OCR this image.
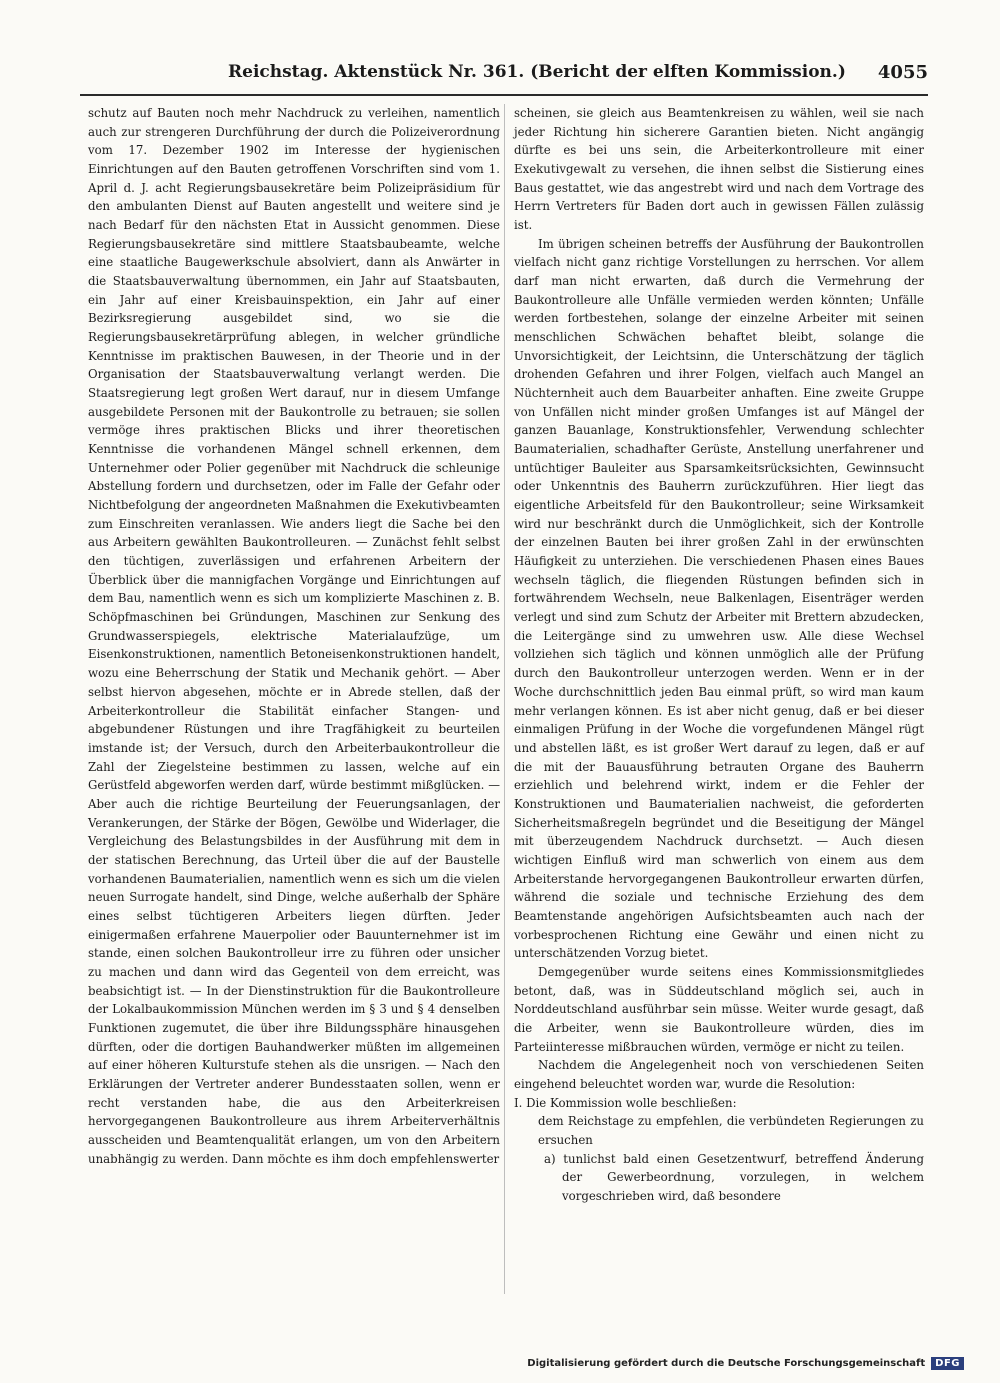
Reichstag. Aktenstück Nr. 361. (Bericht der elften Kommission.) 4055

schutz auf Bauten noch mehr Nachdruck zu verleihen, namentlich auch zur strengeren Durchführung der durch die Polizeiverordnung vom 17. Dezember 1902 im Interesse der hygienischen Einrichtungen auf den Bauten getroffenen Vorschriften sind vom 1. April d. J. acht Regierungsbausekretäre beim Polizeipräsidium für den ambulanten Dienst auf Bauten angestellt und weitere sind je nach Bedarf für den nächsten Etat in Aussicht genommen. Diese Regierungsbausekretäre sind mittlere Staatsbaubeamte, welche eine staatliche Baugewerkschule absolviert, dann als Anwärter in die Staatsbauverwaltung übernommen, ein Jahr auf Staatsbauten, ein Jahr auf einer Kreisbauinspektion, ein Jahr auf einer Bezirksregierung ausgebildet sind, wo sie die Regierungsbausekretärprüfung ablegen, in welcher gründliche Kenntnisse im praktischen Bauwesen, in der Theorie und in der Organisation der Staatsbauverwaltung verlangt werden. Die Staatsregierung legt großen Wert darauf, nur in diesem Umfange ausgebildete Personen mit der Baukontrolle zu betrauen; sie sollen vermöge ihres praktischen Blicks und ihrer theoretischen Kenntnisse die vorhandenen Mängel schnell erkennen, dem Unternehmer oder Polier gegenüber mit Nachdruck die schleunige Abstellung fordern und durchsetzen, oder im Falle der Gefahr oder Nichtbefolgung der angeordneten Maßnahmen die Exekutivbeamten zum Einschreiten veranlassen. Wie anders liegt die Sache bei den aus Arbeitern gewählten Baukontrolleuren. — Zunächst fehlt selbst den tüchtigen, zuverlässigen und erfahrenen Arbeitern der Überblick über die mannigfachen Vorgänge und Einrichtungen auf dem Bau, namentlich wenn es sich um komplizierte Maschinen z. B. Schöpfmaschinen bei Gründungen, Maschinen zur Senkung des Grundwasserspiegels, elektrische Materialaufzüge, um Eisenkonstruktionen, namentlich Betoneisenkonstruktionen handelt, wozu eine Beherrschung der Statik und Mechanik gehört. — Aber selbst hiervon abgesehen, möchte er in Abrede stellen, daß der Arbeiterkontrolleur die Stabilität einfacher Stangen- und abgebundener Rüstungen und ihre Tragfähigkeit zu beurteilen imstande ist; der Versuch, durch den Arbeiterbaukontrolleur die Zahl der Ziegelsteine bestimmen zu lassen, welche auf ein Gerüstfeld abgeworfen werden darf, würde bestimmt mißglücken. — Aber auch die richtige Beurteilung der Feuerungsanlagen, der Verankerungen, der Stärke der Bögen, Gewölbe und Widerlager, die Vergleichung des Belastungsbildes in der Ausführung mit dem in der statischen Berechnung, das Urteil über die auf der Baustelle vorhandenen Baumaterialien, namentlich wenn es sich um die vielen neuen Surrogate handelt, sind Dinge, welche außerhalb der Sphäre eines selbst tüchtigeren Arbeiters liegen dürften. Jeder einigermaßen erfahrene Mauerpolier oder Bauunternehmer ist im stande, einen solchen Baukontrolleur irre zu führen oder unsicher zu machen und dann wird das Gegenteil von dem erreicht, was beabsichtigt ist. — In der Dienstinstruktion für die Baukontrolleure der Lokalbaukommission München werden im § 3 und § 4 denselben Funktionen zugemutet, die über ihre Bildungssphäre hinausgehen dürften, oder die dortigen Bauhandwerker müßten im allgemeinen auf einer höheren Kulturstufe stehen als die unsrigen. — Nach den Erklärungen der Vertreter anderer Bundesstaaten sollen, wenn er recht verstanden habe, die aus den Arbeiterkreisen hervorgegangenen Baukontrolleure aus ihrem Arbeiterverhältnis ausscheiden und Beamtenqualität erlangen, um von den Arbeitern unabhängig zu werden. Dann möchte es ihm doch empfehlenswerter

scheinen, sie gleich aus Beamtenkreisen zu wählen, weil sie nach jeder Richtung hin sicherere Garantien bieten. Nicht angängig dürfte es bei uns sein, die Arbeiterkontrolleure mit einer Exekutivgewalt zu versehen, die ihnen selbst die Sistierung eines Baus gestattet, wie das angestrebt wird und nach dem Vortrage des Herrn Vertreters für Baden dort auch in gewissen Fällen zulässig ist.

Im übrigen scheinen betreffs der Ausführung der Baukontrollen vielfach nicht ganz richtige Vorstellungen zu herrschen. Vor allem darf man nicht erwarten, daß durch die Vermehrung der Baukontrolleure alle Unfälle vermieden werden könnten; Unfälle werden fortbestehen, solange der einzelne Arbeiter mit seinen menschlichen Schwächen behaftet bleibt, solange die Unvorsichtigkeit, der Leichtsinn, die Unterschätzung der täglich drohenden Gefahren und ihrer Folgen, vielfach auch Mangel an Nüchternheit auch dem Bauarbeiter anhaften. Eine zweite Gruppe von Unfällen nicht minder großen Umfanges ist auf Mängel der ganzen Bauanlage, Konstruktionsfehler, Verwendung schlechter Baumaterialien, schadhafter Gerüste, Anstellung unerfahrener und untüchtiger Bauleiter aus Sparsamkeitsrücksichten, Gewinnsucht oder Unkenntnis des Bauherrn zurückzuführen. Hier liegt das eigentliche Arbeitsfeld für den Baukontrolleur; seine Wirksamkeit wird nur beschränkt durch die Unmöglichkeit, sich der Kontrolle der einzelnen Bauten bei ihrer großen Zahl in der erwünschten Häufigkeit zu unterziehen. Die verschiedenen Phasen eines Baues wechseln täglich, die fliegenden Rüstungen befinden sich in fortwährendem Wechseln, neue Balkenlagen, Eisenträger werden verlegt und sind zum Schutz der Arbeiter mit Brettern abzudecken, die Leitergänge sind zu umwehren usw. Alle diese Wechsel vollziehen sich täglich und können unmöglich alle der Prüfung durch den Baukontrolleur unterzogen werden. Wenn er in der Woche durchschnittlich jeden Bau einmal prüft, so wird man kaum mehr verlangen können. Es ist aber nicht genug, daß er bei dieser einmaligen Prüfung in der Woche die vorgefundenen Mängel rügt und abstellen läßt, es ist großer Wert darauf zu legen, daß er auf die mit der Bauausführung betrauten Organe des Bauherrn erziehlich und belehrend wirkt, indem er die Fehler der Konstruktionen und Baumaterialien nachweist, die geforderten Sicherheitsmaßregeln begründet und die Beseitigung der Mängel mit überzeugendem Nachdruck durchsetzt. — Auch diesen wichtigen Einfluß wird man schwerlich von einem aus dem Arbeiterstande hervorgegangenen Baukontrolleur erwarten dürfen, während die soziale und technische Erziehung des dem Beamtenstande angehörigen Aufsichtsbeamten auch nach der vorbesprochenen Richtung eine Gewähr und einen nicht zu unterschätzenden Vorzug bietet.

Demgegenüber wurde seitens eines Kommissionsmitgliedes betont, daß, was in Süddeutschland möglich sei, auch in Norddeutschland ausführbar sein müsse. Weiter wurde gesagt, daß die Arbeiter, wenn sie Baukontrolleure würden, dies im Parteiinteresse mißbrauchen würden, vermöge er nicht zu teilen.

Nachdem die Angelegenheit noch von verschiedenen Seiten eingehend beleuchtet worden war, wurde die Resolution:

I. Die Kommission wolle beschließen:

dem Reichstage zu empfehlen, die verbündeten Regierungen zu ersuchen

a) tunlichst bald einen Gesetzentwurf, betreffend Änderung der Gewerbeordnung, vorzulegen, in welchem vorgeschrieben wird, daß besondere

Digitalisierung gefördert durch die Deutsche Forschungsgemeinschaft	DFG
